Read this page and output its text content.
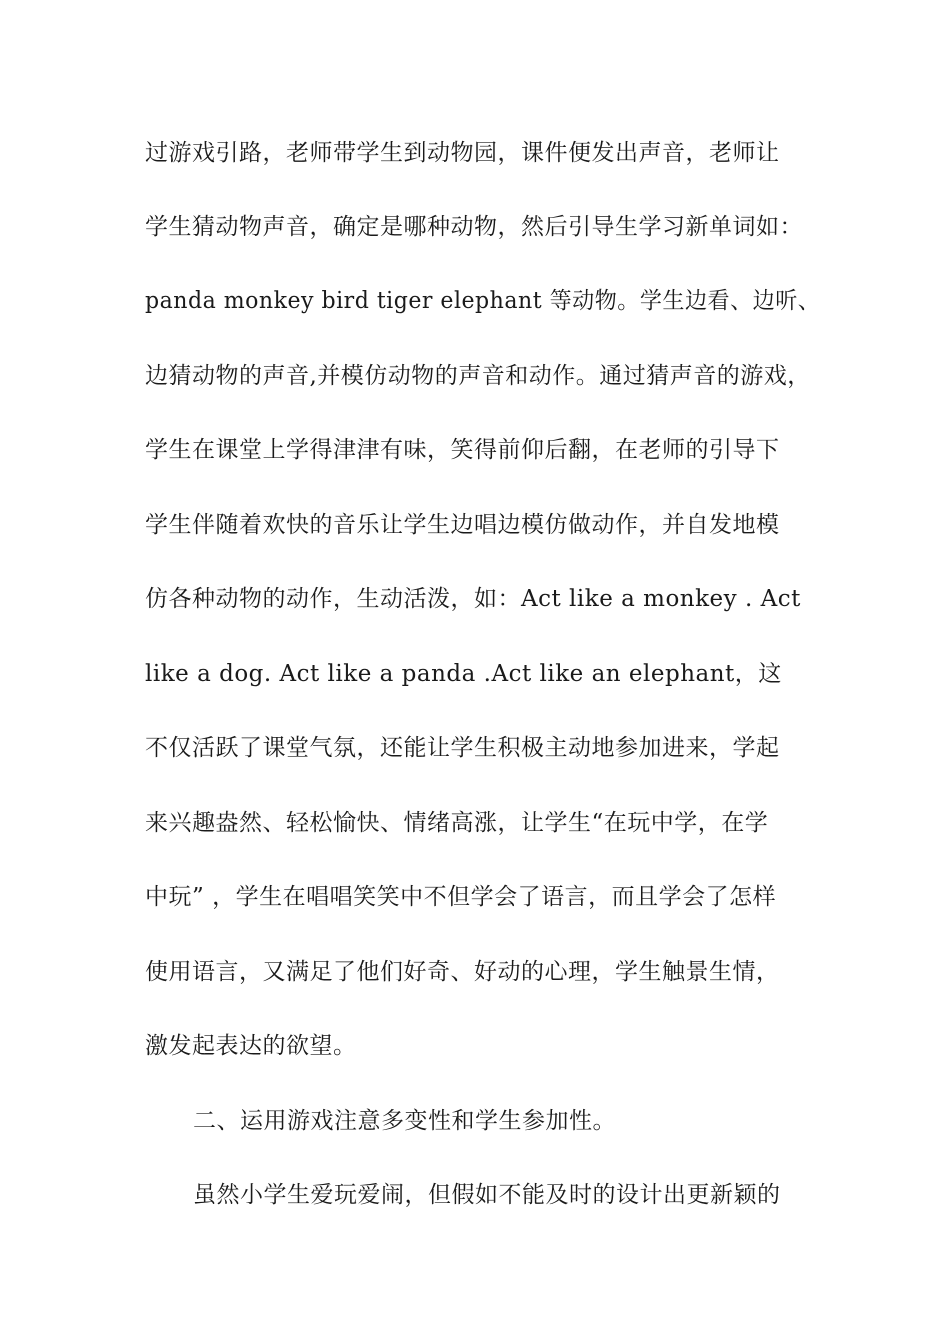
过游戏引路，老师带学生到动物园，课件便发出声音，老师让
学生猜动物声音，确定是哪种动物，然后引导生学习新单词如：
panda monkey bird tiger elephant 等动物。学生边看、边听、
边猜动物的声音,并模仿动物的声音和动作。通过猜声音的游戏，
学生在课堂上学得津津有味，笑得前仰后翻，在老师的引导下
学生伴随着欢快的音乐让学生边唱边模仿做动作，并自发地模
仿各种动物的动作，生动活泼，如：Act like a monkey . Act
like a dog. Act like a panda .Act like an elephant，这
不仅活跃了课堂气氛，还能让学生积极主动地参加进来，学起
来兴趣盎然、轻松愉快、情绪高涨，让学生“在玩中学，在学
中玩” ，学生在唱唱笑笑中不但学会了语言，而且学会了怎样
使用语言，又满足了他们好奇、好动的心理，学生触景生情，
激发起表达的欲望。
二、运用游戏注意多变性和学生参加性。
虽然小学生爱玩爱闹，但假如不能及时的设计出更新颖的
